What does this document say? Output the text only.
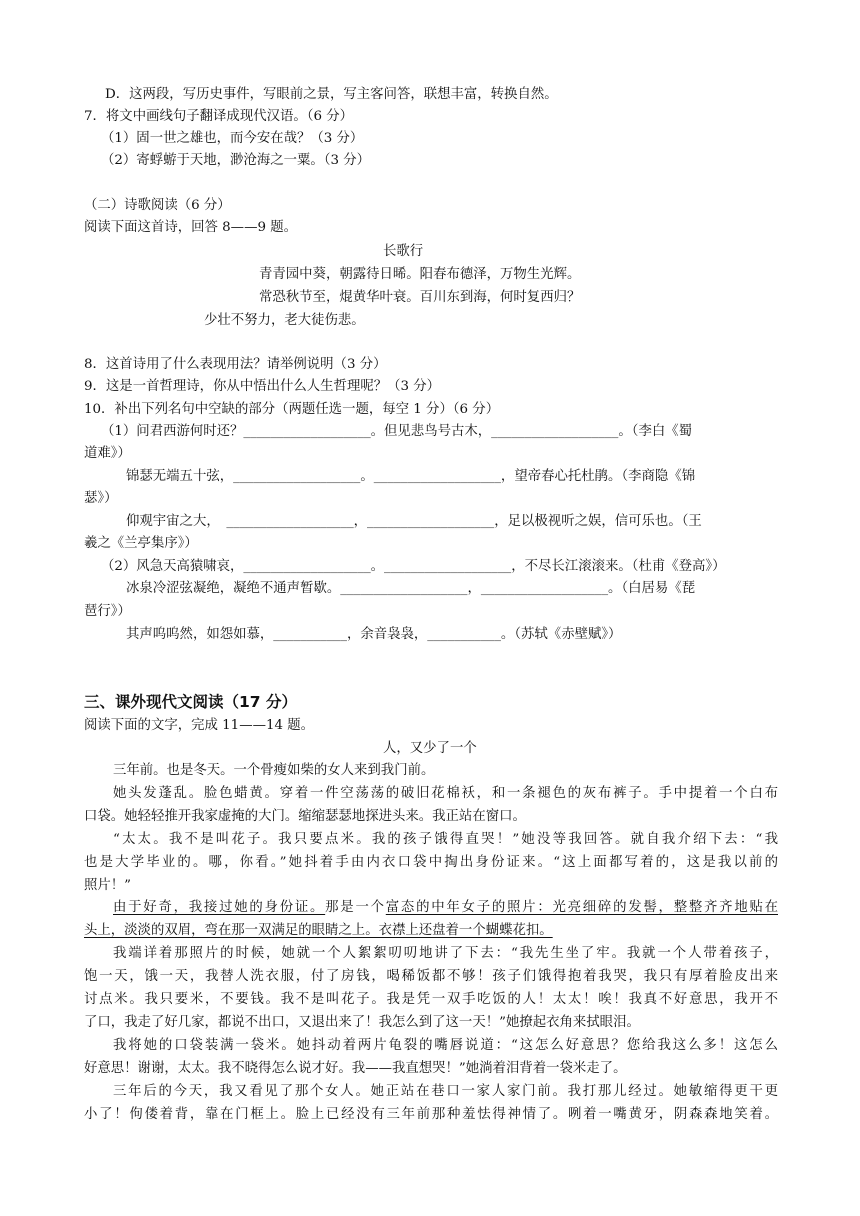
D．这两段，写历史事件，写眼前之景，写主客问答，联想丰富，转换自然。
7．将文中画线句子翻译成现代汉语。（6 分）
（1）固一世之雄也，而今安在哉？（3 分）
（2）寄蜉蝣于天地，渺沧海之一粟。（3 分）
（二）诗歌阅读（6 分）
阅读下面这首诗，回答 8——9 题。
长歌行
青青园中葵，朝露待日晞。阳春布德泽，万物生光辉。
常恐秋节至，焜黄华叶衰。百川东到海，何时复西归？
少壮不努力，老大徒伤悲。
8．这首诗用了什么表现用法？请举例说明（3 分）
9．这是一首哲理诗，你从中悟出什么人生哲理呢？（3 分）
10．补出下列名句中空缺的部分（两题任选一题，每空 1 分）（6 分）
（1）问君西游何时还？___________________。但见悲鸟号古木，___________________。（李白《蜀
道难》）
锦瑟无端五十弦，___________________。___________________，望帝春心托杜鹃。（李商隐《锦
瑟》）
仰观宇宙之大，　___________________，___________________，足以极视听之娱，信可乐也。（王
羲之《兰亭集序》）
（2）风急天高猿啸哀，___________________。___________________，不尽长江滚滚来。（杜甫《登高》）
冰泉冷涩弦凝绝，凝绝不通声暂歇。___________________，___________________。（白居易《琵
琶行》）
其声呜呜然，如怨如慕，___________，余音袅袅，___________。（苏轼《赤壁赋》）
三、课外现代文阅读（17 分）
阅读下面的文字，完成 11——14 题。
人，又少了一个
三年前。也是冬天。一个骨瘦如柴的女人来到我门前。
她头发蓬乱。脸色蜡黄。穿着一件空荡荡的破旧花棉袄，和一条褪色的灰布裤子。手中提着一个白布
口袋。她轻轻推开我家虚掩的大门。缩缩瑟瑟地探进头来。我正站在窗口。
“太太。我不是叫花子。我只要点米。我的孩子饿得直哭！”她没等我回答。就自我介绍下去：“我
也是大学毕业的。哪，你看。”她抖着手由内衣口袋中掏出身份证来。“这上面都写着的，这是我以前的
照片！”
由于好奇，我接过她的身份证。那是一个富态的中年女子的照片：光亮细碎的发髻，整整齐齐地贴在
头上，淡淡的双眉，弯在那一双满足的眼睛之上。衣襟上还盘着一个蝴蝶花扣。
我端详着那照片的时候，她就一个人絮絮叨叨地讲了下去：“我先生坐了牢。我就一个人带着孩子，
饱一天，饿一天，我替人洗衣服，付了房钱，喝稀饭都不够！孩子们饿得抱着我哭，我只有厚着脸皮出来
讨点米。我只要米，不要钱。我不是叫花子。我是凭一双手吃饭的人！太太！唉！我真不好意思，我开不
了口，我走了好几家，都说不出口，又退出来了！我怎么到了这一天！”她撩起衣角来拭眼泪。
我将她的口袋装满一袋米。她抖动着两片龟裂的嘴唇说道：“这怎么好意思？您给我这么多！这怎么
好意思！谢谢，太太。我不晓得怎么说才好。我——我直想哭！”她淌着泪背着一袋米走了。
三年后的今天，我又看见了那个女人。她正站在巷口一家人家门前。我打那儿经过。她敏缩得更干更
小了！佝偻着背，靠在门框上。脸上已经没有三年前那种羞怯得神情了。咧着一嘴黄牙，阴森森地笑着。
